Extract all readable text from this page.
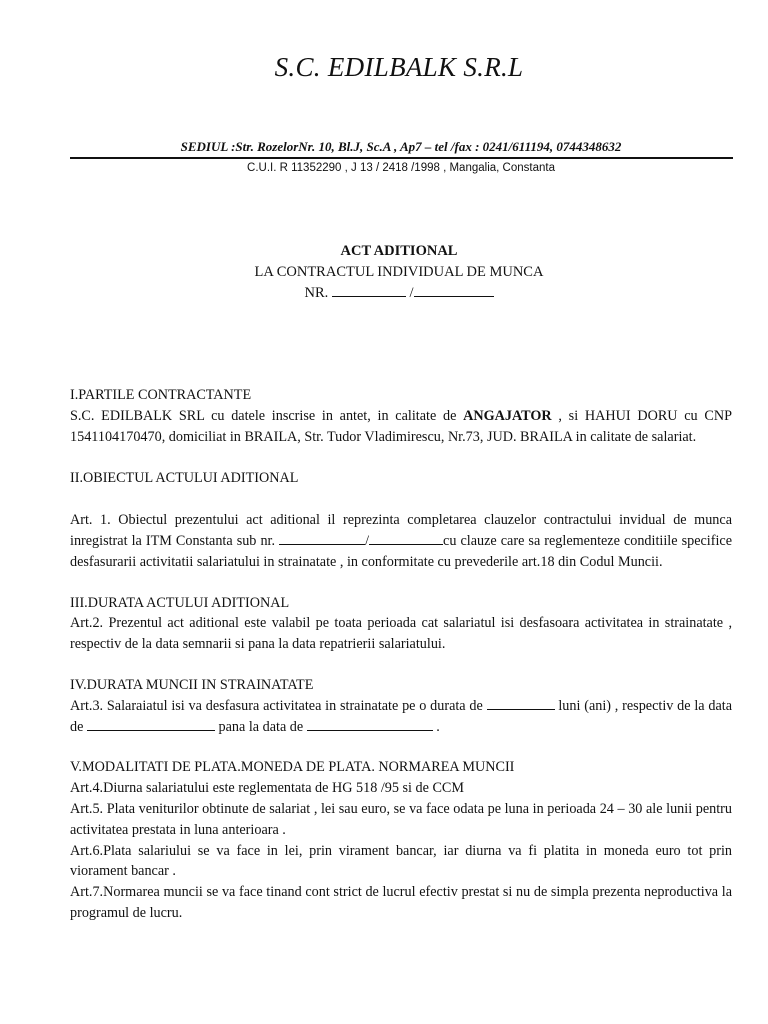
S.C. EDILBALK S.R.L
SEDIUL :Str. RozelorNr. 10, Bl.J, Sc.A , Ap7 – tel /fax : 0241/611194, 0744348632
C.U.I. R 11352290 , J 13 / 2418 /1998 , Mangalia, Constanta
ACT ADITIONAL
LA CONTRACTUL INDIVIDUAL DE MUNCA
NR.	/
I.PARTILE CONTRACTANTE

S.C. EDILBALK SRL cu datele inscrise in antet, in calitate de ANGAJATOR , si HAHUI DORU cu CNP 1541104170470, domiciliat in BRAILA, Str. Tudor Vladimirescu, Nr.73, JUD. BRAILA in calitate de salariat.

II.OBIECTUL ACTULUI ADITIONAL

Art. 1. Obiectul prezentului act aditional il reprezinta completarea clauzelor contractului invidual de munca inregistrat la ITM Constanta sub nr.	/	cu clauze care sa reglementeze conditiile specifice desfasurarii activitatii salariatului in strainatate , in conformitate cu prevederile art.18 din Codul Muncii.

III.DURATA ACTULUI ADITIONAL

Art.2. Prezentul act aditional este valabil pe toata perioada cat salariatul isi desfasoara activitatea in strainatate , respectiv de la data semnarii si pana la data repatrierii salariatului.

IV.DURATA MUNCII IN STRAINATATE

Art.3. Salaraiatul isi va desfasura activitatea in strainatate pe o durata de	luni (ani) , respectiv de la data de	pana la data de	.

V.MODALITATI DE PLATA.MONEDA DE PLATA. NORMAREA MUNCII

Art.4.Diurna salariatului este reglementata de HG 518 /95 si de CCM

Art.5. Plata veniturilor obtinute de salariat , lei sau euro, se va face odata pe luna in perioada 24 – 30 ale lunii pentru activitatea prestata in luna anterioara .

Art.6.Plata salariului se va face in lei, prin virament bancar, iar diurna va fi platita in moneda euro tot prin viorament bancar .

Art.7.Normarea muncii se va face tinand cont strict de lucrul efectiv prestat si nu de simpla prezenta neproductiva la programul de lucru.
